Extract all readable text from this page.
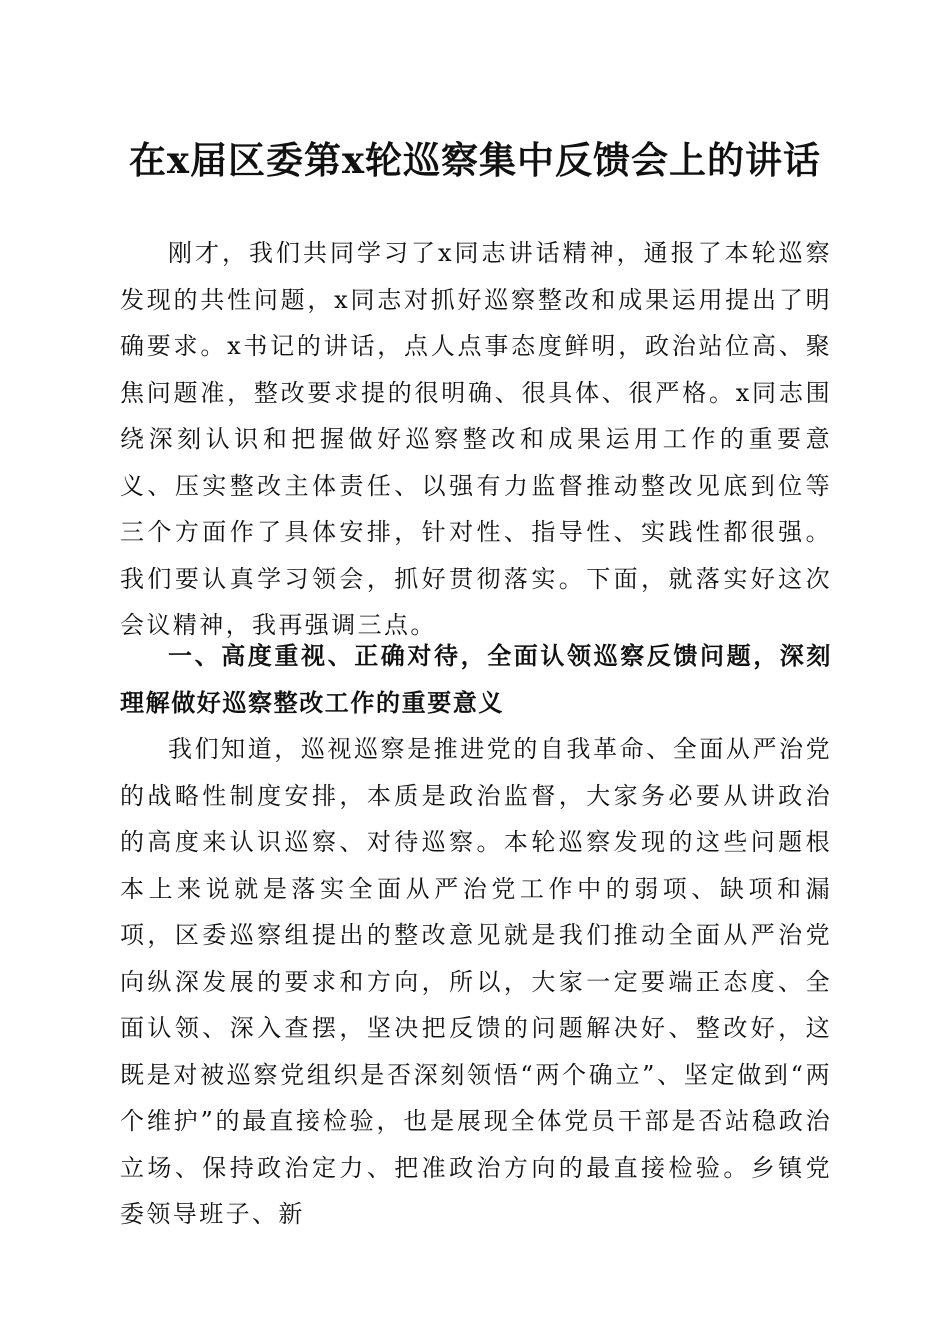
在x届区委第x轮巡察集中反馈会上的讲话

刚才，我们共同学习了x同志讲话精神，通报了本轮巡察发现的共性问题，x同志对抓好巡察整改和成果运用提出了明确要求。x书记的讲话，点人点事态度鲜明，政治站位高、聚焦问题准，整改要求提的很明确、很具体、很严格。x同志围绕深刻认识和把握做好巡察整改和成果运用工作的重要意义、压实整改主体责任、以强有力监督推动整改见底到位等三个方面作了具体安排，针对性、指导性、实践性都很强。我们要认真学习领会，抓好贯彻落实。下面，就落实好这次会议精神，我再强调三点。

一、高度重视、正确对待，全面认领巡察反馈问题，深刻理解做好巡察整改工作的重要意义

我们知道，巡视巡察是推进党的自我革命、全面从严治党的战略性制度安排，本质是政治监督，大家务必要从讲政治的高度来认识巡察、对待巡察。本轮巡察发现的这些问题根本上来说就是落实全面从严治党工作中的弱项、缺项和漏项，区委巡察组提出的整改意见就是我们推动全面从严治党向纵深发展的要求和方向，所以，大家一定要端正态度、全面认领、深入查摆，坚决把反馈的问题解决好、整改好，这既是对被巡察党组织是否深刻领悟“两个确立”、坚定做到“两个维护”的最直接检验，也是展现全体党员干部是否站稳政治立场、保持政治定力、把准政治方向的最直接检验。乡镇党委领导班子、新
